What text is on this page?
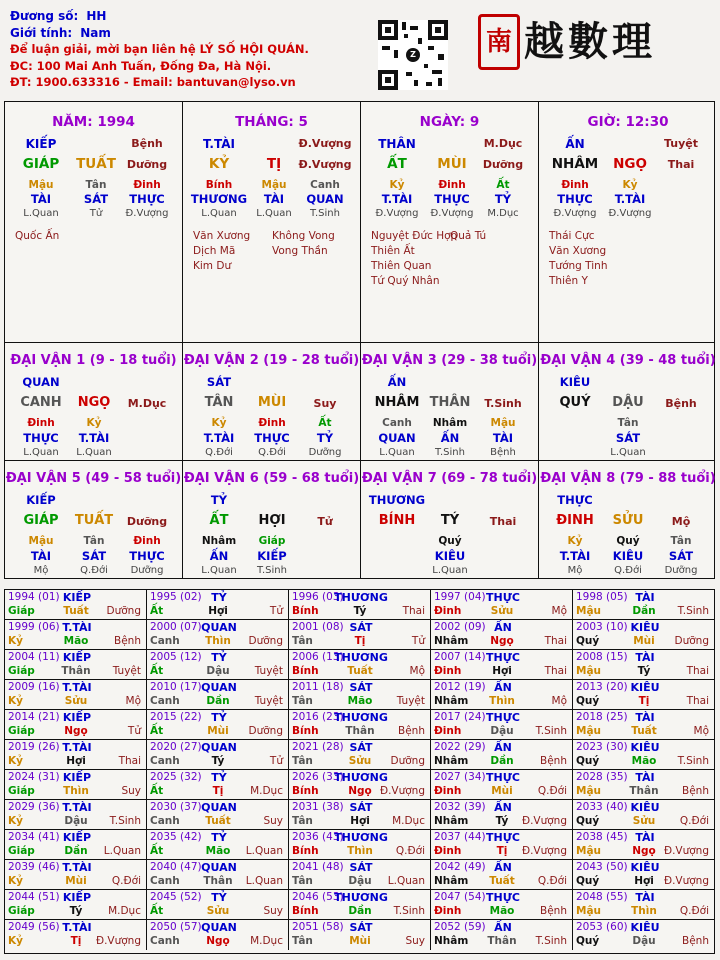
Đương số: HH
Giới tính: Nam
Để luận giải, mời bạn liên hệ LÝ SỐ HỘI QUÁN.
ĐC: 100 Mai Anh Tuấn, Đống Đa, Hà Nội.
ĐT: 1900.633316 - Email: bantuvan@lyso.vn
Z	南 越數理
NĂM: 1994
KIẾP	Bệnh
GIÁP TUẤT Dưỡng
Mậu	Tân	Đinh
TÀI	SÁT THỰC
L.Quan	Tử Đ.Vượng
Quốc Ấn
THÁNG: 5
T.TÀI	Đ.Vượng
KỶ	TỊ Đ.Vượng
Bính	Mậu Canh
THƯƠNG TÀI QUAN
L.Quan L.Quan T.Sinh
Văn Xương Không Vong
Dịch Mã	Vong Thần
Kim Dư
NGÀY: 9
THÂN	M.Dục
ẤT MÙI Dưỡng
Kỷ	Đinh	Ất
T.TÀI THỰC TỶ
Đ.Vượng Đ.Vượng M.Dục
Nguyệt Đức Hợp
Quả Tú
Thiên Ất
Thiên Quan
Tứ Quý Nhân
GIỜ: 12:30
ẤN	Tuyệt
NHÂM NGỌ Thai
Đinh	Kỷ
THỰC T.TÀI
Đ.Vượng Đ.Vượng
Thái Cực
Văn Xương
Tướng Tinh
Thiên Y
ĐẠI VẬN 1 (9 - 18 tuổi)
QUAN
CANH NGỌ M.Dục
Đinh	Kỷ
THỰC T.TÀI
L.Quan L.Quan
ĐẠI VẬN 2 (19 - 28 tuổi)
SÁT
TÂN MÙI Suy
Kỷ	Đinh	Ất
T.TÀI THỰC TỶ
Q.Đới	Q.Đới Dưỡng
ĐẠI VẬN 3 (29 - 38 tuổi)
ẤN
NHÂM THÂN T.Sinh
Canh Nhâm Mậu
QUAN ẤN	TÀI
L.Quan T.Sinh	Bệnh
ĐẠI VẬN 4 (39 - 48 tuổi)
KIÊU
QUÝ DẬU Bệnh
Tân
SÁT
L.Quan
ĐẠI VẬN 5 (49 - 58 tuổi)
KIẾP
GIÁP TUẤT Dưỡng
Mậu	Tân	Đinh
TÀI	SÁT THỰC
Mộ	Q.Đới Dưỡng
ĐẠI VẬN 6 (59 - 68 tuổi)
TỶ
ẤT HỢI	Tử
Nhâm Giáp
ẤN	KIẾP
L.Quan T.Sinh
ĐẠI VẬN 7 (69 - 78 tuổi)
THƯƠNG
BÍNH TÝ	Thai
Quý
KIÊU
L.Quan
ĐẠI VẬN 8 (79 - 88 tuổi)
THỰC
ĐINH SỬU	Mộ
Kỷ	Quý	Tân
T.TÀI KIÊU SÁT
Mộ	Q.Đới Dưỡng
1994 (01) KIẾP
Giáp	Tuất Dưỡng
1995 (02) TỶ
Ất	Hợi	Tử
1996 (03)
THƯƠNG
Bính	Tý	Thai
1997 (04) THỰC
Đinh	Sửu	Mộ
1998 (05) TÀI
Mậu	Dần T.Sinh
1999 (06) T.TÀI
Kỷ	Mão Bệnh
2000 (07) QUAN
Canh Thìn Dưỡng
2001 (08) SÁT
Tân	Tị	Tử
2002 (09) ẤN
Nhâm Ngọ	Thai
2003 (10) KIÊU
Quý	Mùi Dưỡng
2004 (11) KIẾP
Giáp	Thân Tuyệt
2005 (12) TỶ
Ất	Dậu Tuyệt
2006 (13)
THƯƠNG
Bính	Tuất	Mộ
2007 (14) THỰC
Đinh	Hợi	Thai
2008 (15) TÀI
Mậu	Tý	Thai
2009 (16) T.TÀI
Kỷ	Sửu	Mộ
2010 (17) QUAN
Canh	Dần Tuyệt
2011 (18) SÁT
Tân	Mão Tuyệt
2012 (19) ẤN
Nhâm Thìn	Mộ
2013 (20) KIÊU
Quý	Tị	Thai
2014 (21) KIẾP
Giáp	Ngọ	Tử
2015 (22) TỶ
Ất	Mùi Dưỡng
2016 (23)
THƯƠNG
Bính	Thân Bệnh
2017 (24) THỰC
Đinh	Dậu T.Sinh
2018 (25) TÀI
Mậu	Tuất	Mộ
2019 (26) T.TÀI
Kỷ	Hợi	Thai
2020 (27) QUAN
Canh	Tý	Tử
2021 (28) SÁT
Tân	Sửu Dưỡng
2022 (29) ẤN
Nhâm Dần	Bệnh
2023 (30) KIÊU
Quý	Mão T.Sinh
2024 (31) KIẾP
Giáp	Thìn	Suy
2025 (32) TỶ
Ất	Tị	M.Dục
2026 (33)
THƯƠNG
Bính	Ngọ Đ.Vượng
2027 (34) THỰC
Đinh	Mùi Q.Đới
2028 (35) TÀI
Mậu	Thân Bệnh
2029 (36) T.TÀI
Kỷ	Dậu T.Sinh
2030 (37) QUAN
Canh Tuất	Suy
2031 (38) SÁT
Tân	Hợi M.Dục
2032 (39) ẤN
Nhâm	Tý Đ.Vượng
2033 (40) KIÊU
Quý	Sửu Q.Đới
2034 (41) KIẾP
Giáp	Dần L.Quan
2035 (42) TỶ
Ất	Mão L.Quan
2036 (43)
THƯƠNG
Bính	Thìn Q.Đới
2037 (44) THỰC
Đinh	Tị Đ.Vượng
2038 (45) TÀI
Mậu	Ngọ Đ.Vượng
2039 (46) T.TÀI
Kỷ	Mùi Q.Đới
2040 (47) QUAN
Canh Thân L.Quan
2041 (48) SÁT
Tân	Dậu L.Quan
2042 (49) ẤN
Nhâm Tuất Q.Đới
2043 (50) KIÊU
Quý	Hợi Đ.Vượng
2044 (51) KIẾP
Giáp	Tý M.Dục
2045 (52) TỶ
Ất	Sửu	Suy
2046 (53)
THƯƠNG
Bính	Dần T.Sinh
2047 (54) THỰC
Đinh	Mão Bệnh
2048 (55) TÀI
Mậu	Thìn Q.Đới
2049 (56) T.TÀI
Kỷ	Tị Đ.Vượng
2050 (57) QUAN
Canh	Ngọ M.Dục
2051 (58) SÁT
Tân	Mùi	Suy
2052 (59) ẤN
Nhâm Thân T.Sinh
2053 (60) KIÊU
Quý	Dậu	Bệnh
